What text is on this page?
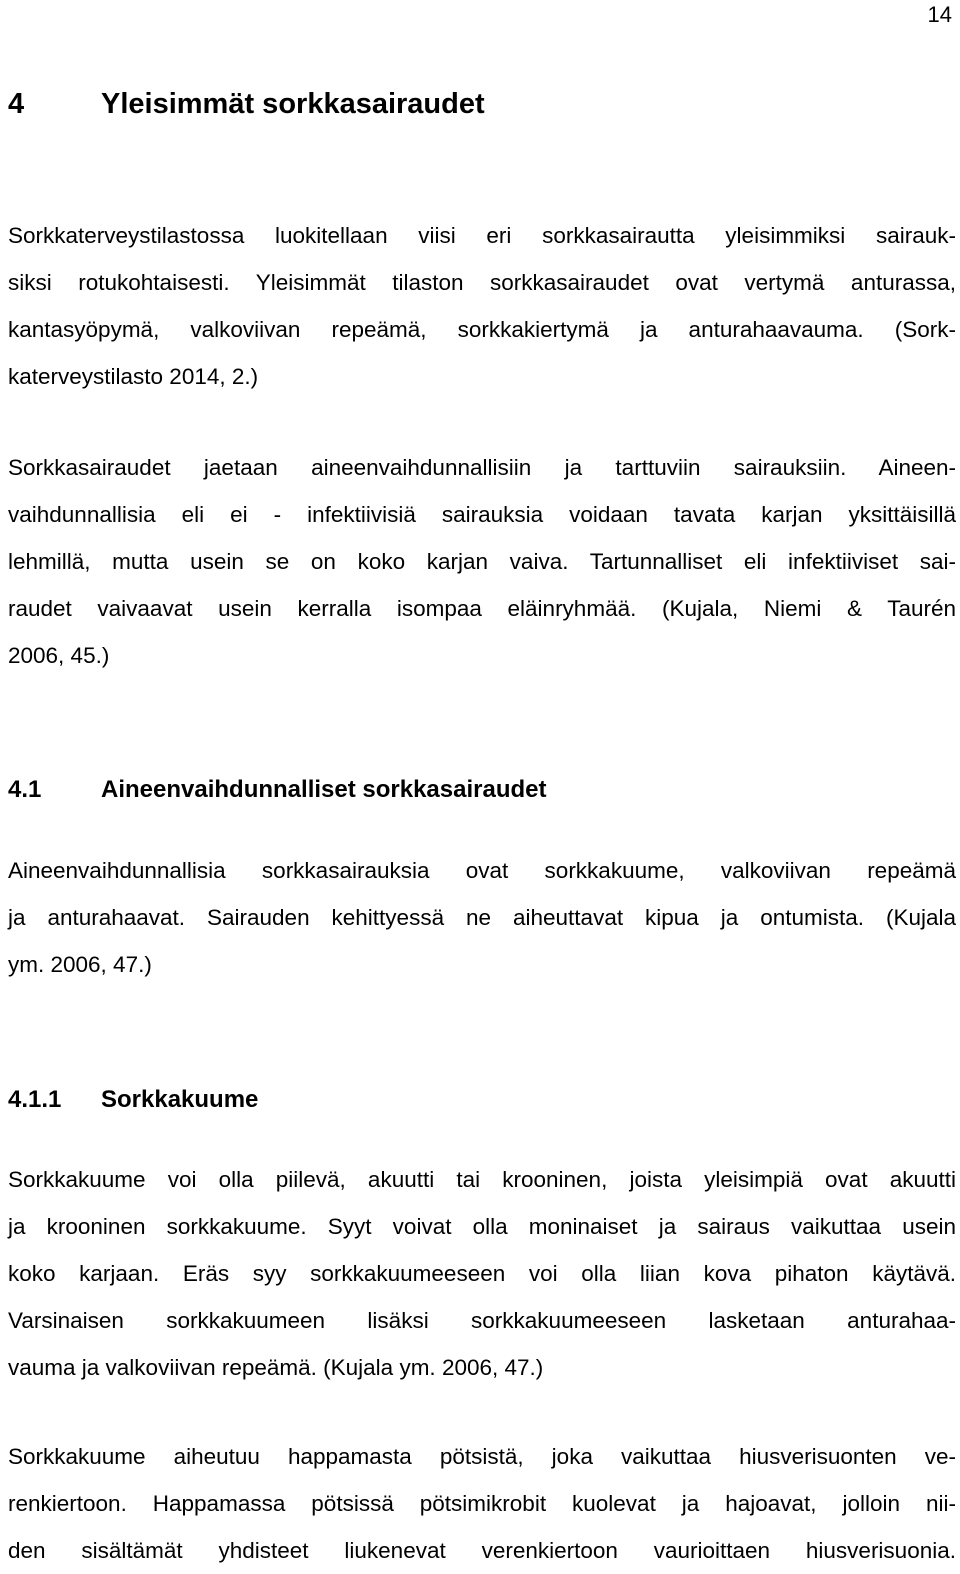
14
4	Yleisimmät sorkkasairaudet
Sorkkaterveystilastossa luokitellaan viisi eri sorkkasairautta yleisimmiksi sairauk-
siksi rotukohtaisesti. Yleisimmät tilaston sorkkasairaudet ovat vertymä anturassa,
kantasyöpymä, valkoviivan repeämä, sorkkakiertymä ja anturahaavauma. (Sork-
katerveystilasto 2014, 2.)
Sorkkasairaudet jaetaan aineenvaihdunnallisiin ja tarttuviin sairauksiin. Aineen-
vaihdunnallisia eli ei - infektiivisiä sairauksia voidaan tavata karjan yksittäisillä
lehmillä, mutta usein se on koko karjan vaiva. Tartunnalliset eli infektiiviset sai-
raudet vaivaavat usein kerralla isompaa eläinryhmää. (Kujala, Niemi & Taurén
2006, 45.)
4.1 Aineenvaihdunnalliset sorkkasairaudet
Aineenvaihdunnallisia sorkkasairauksia ovat sorkkakuume, valkoviivan repeämä
ja anturahaavat. Sairauden kehittyessä ne aiheuttavat kipua ja ontumista. (Kujala
ym. 2006, 47.)
4.1.1 Sorkkakuume
Sorkkakuume voi olla piilevä, akuutti tai krooninen, joista yleisimpiä ovat akuutti
ja krooninen sorkkakuume. Syyt voivat olla moninaiset ja sairaus vaikuttaa usein
koko karjaan. Eräs syy sorkkakuumeeseen voi olla liian kova pihaton käytävä.
Varsinaisen sorkkakuumeen lisäksi sorkkakuumeeseen lasketaan anturahaa-
vauma ja valkoviivan repeämä. (Kujala ym. 2006, 47.)
Sorkkakuume aiheutuu happamasta pötsistä, joka vaikuttaa hiusverisuonten ve-
renkiertoon. Happamassa pötsissä pötsimikrobit kuolevat ja hajoavat, jolloin nii-
den sisältämät yhdisteet liukenevat verenkiertoon vaurioittaen hiusverisuonia.
